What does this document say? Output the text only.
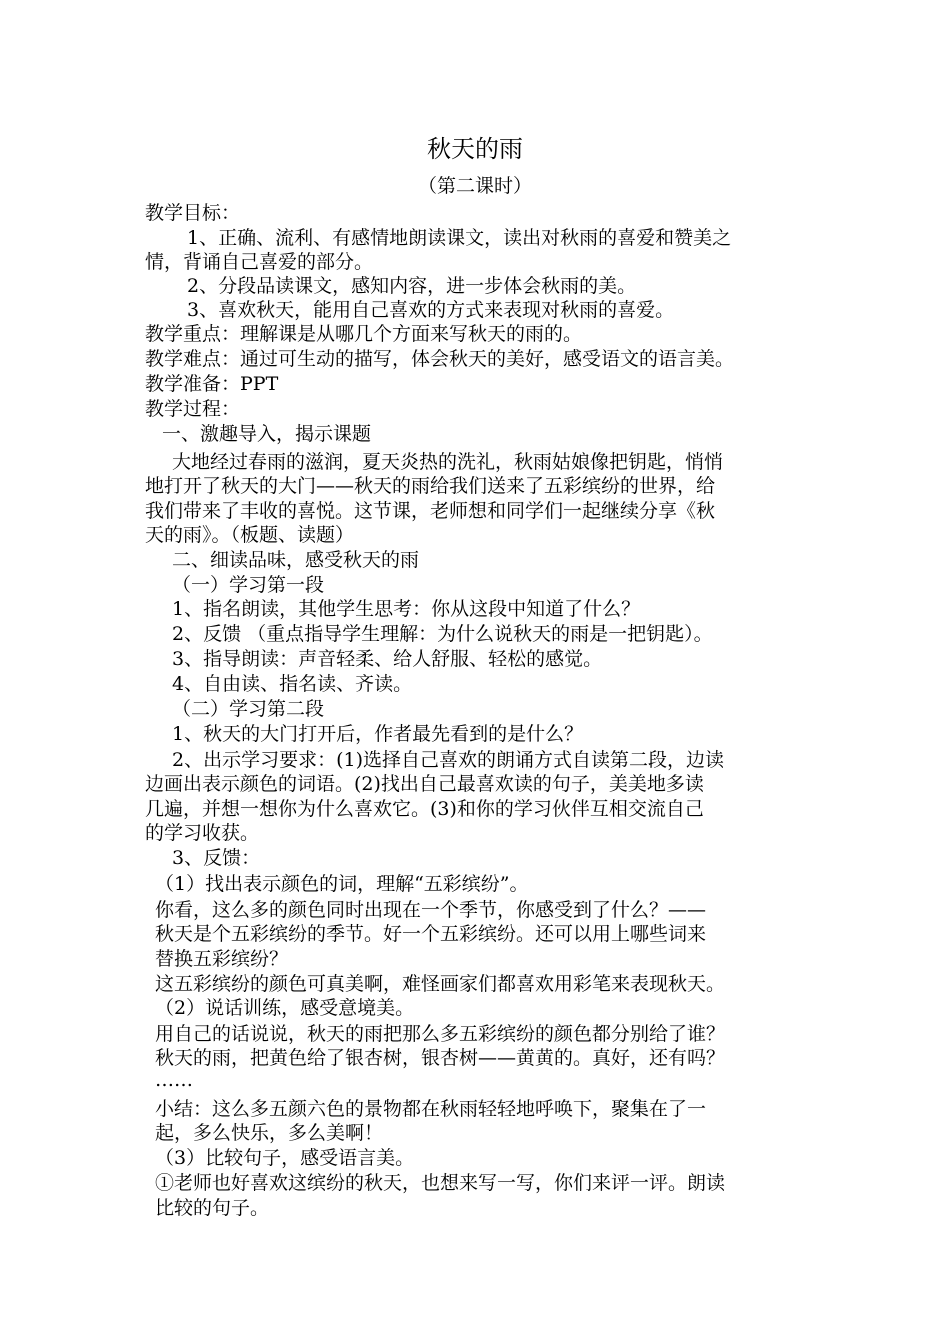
秋天的雨
（第二课时）
教学目标：
1、正确、流利、有感情地朗读课文，读出对秋雨的喜爱和赞美之
情，背诵自己喜爱的部分。
2、分段品读课文，感知内容，进一步体会秋雨的美。
3、喜欢秋天，能用自己喜欢的方式来表现对秋雨的喜爱。
教学重点：理解课是从哪几个方面来写秋天的雨的。
教学难点：通过可生动的描写，体会秋天的美好，感受语文的语言美。
教学准备：PPT
教学过程：
一、激趣导入，揭示课题
大地经过春雨的滋润，夏天炎热的洗礼，秋雨姑娘像把钥匙，悄悄
地打开了秋天的大门——秋天的雨给我们送来了五彩缤纷的世界，给
我们带来了丰收的喜悦。这节课，老师想和同学们一起继续分享《秋
天的雨》。（板题、读题）
二、细读品味，感受秋天的雨
（一）学习第一段
1、指名朗读，其他学生思考：你从这段中知道了什么？
2、反馈 （重点指导学生理解：为什么说秋天的雨是一把钥匙）。
3、指导朗读：声音轻柔、给人舒服、轻松的感觉。
4、自由读、指名读、齐读。
（二）学习第二段
1、秋天的大门打开后，作者最先看到的是什么？
2、出示学习要求：(1)选择自己喜欢的朗诵方式自读第二段，边读
边画出表示颜色的词语。(2)找出自己最喜欢读的句子，美美地多读
几遍，并想一想你为什么喜欢它。(3)和你的学习伙伴互相交流自己
的学习收获。
3、反馈：
（1）找出表示颜色的词，理解“五彩缤纷”。
你看，这么多的颜色同时出现在一个季节，你感受到了什么？——
秋天是个五彩缤纷的季节。好一个五彩缤纷。还可以用上哪些词来
替换五彩缤纷？
这五彩缤纷的颜色可真美啊，难怪画家们都喜欢用彩笔来表现秋天。
（2）说话训练，感受意境美。
用自己的话说说，秋天的雨把那么多五彩缤纷的颜色都分别给了谁？
秋天的雨，把黄色给了银杏树，银杏树——黄黄的。真好，还有吗？
……
小结：这么多五颜六色的景物都在秋雨轻轻地呼唤下，聚集在了一
起，多么快乐，多么美啊！
（3）比较句子，感受语言美。
①老师也好喜欢这缤纷的秋天，也想来写一写，你们来评一评。朗读
比较的句子。
